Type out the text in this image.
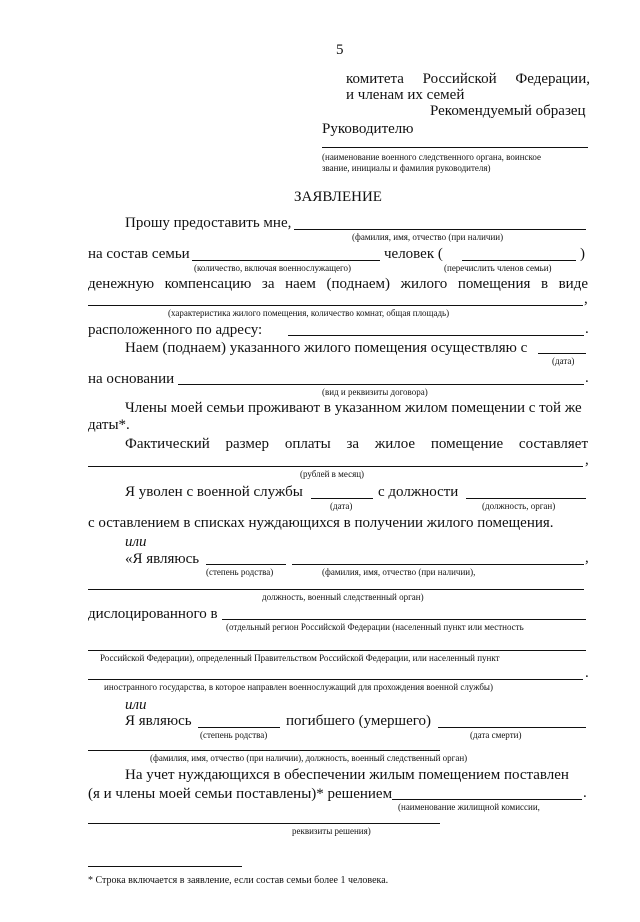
5
комитета Российской Федерации,
и членам их семей
Рекомендуемый образец
Руководителю
(наименование военного следственного органа, воинское
звание, инициалы и фамилия руководителя)
ЗАЯВЛЕНИЕ
Прошу предоставить мне,
(фамилия, имя, отчество (при наличии)
на состав семьи	человек (	)
(количество, включая военнослужащего)	(перечислить членов семьи)
денежную компенсацию за наем (поднаем) жилого помещения в виде
,
(характеристика жилого помещения, количество комнат, общая площадь)
расположенного по адресу:	.
Наем (поднаем) указанного жилого помещения осуществляю с
(дата)
на основании	.
(вид и реквизиты договора)
Члены моей семьи проживают в указанном жилом помещении с той же
даты*.
Фактический размер оплаты за жилое помещение составляет
,
(рублей в месяц)
Я уволен с военной службы	с должности
(дата)	(должность, орган)
с оставлением в списках нуждающихся в получении жилого помещения.
или
«Я являюсь	,
(степень родства)	(фамилия, имя, отчество (при наличии),
должность, военный следственный орган)
дислоцированного в
(отдельный регион Российской Федерации (населенный пункт или местность
Российской Федерации), определенный Правительством Российской Федерации, или населенный пункт
.
иностранного государства, в которое направлен военнослужащий для прохождения военной службы)
или
Я являюсь	погибшего (умершего)
(степень родства)	(дата смерти)
(фамилия, имя, отчество (при наличии), должность, военный следственный орган)
На учет нуждающихся в обеспечении жилым помещением поставлен
(я и члены моей семьи поставлены)* решением	.
(наименование жилищной комиссии,
реквизиты решения)
* Строка включается в заявление, если состав семьи более 1 человека.
